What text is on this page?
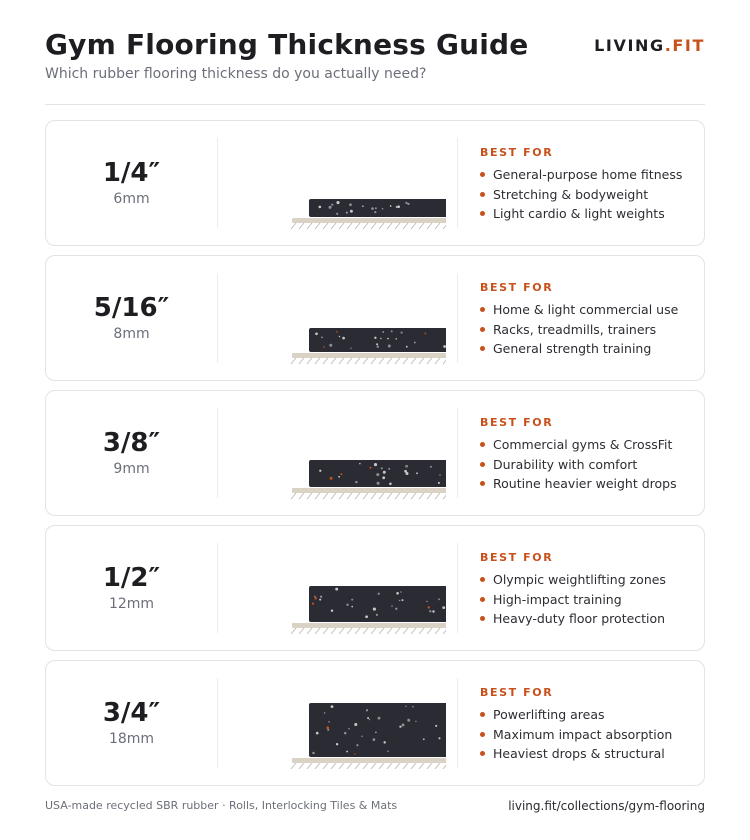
Gym Flooring Thickness Guide
Which rubber flooring thickness do you actually need?
LIVING.FIT
1/4″
6mm
BEST FOR
General-purpose home fitness
Stretching & bodyweight
Light cardio & light weights
5/16″
8mm
BEST FOR
Home & light commercial use
Racks, treadmills, trainers
General strength training
3/8″
9mm
BEST FOR
Commercial gyms & CrossFit
Durability with comfort
Routine heavier weight drops
1/2″
12mm
BEST FOR
Olympic weightlifting zones
High-impact training
Heavy-duty floor protection
3/4″
18mm
BEST FOR
Powerlifting areas
Maximum impact absorption
Heaviest drops & structural
USA-made recycled SBR rubber · Rolls, Interlocking Tiles & Mats	living.fit/collections/gym-flooring
